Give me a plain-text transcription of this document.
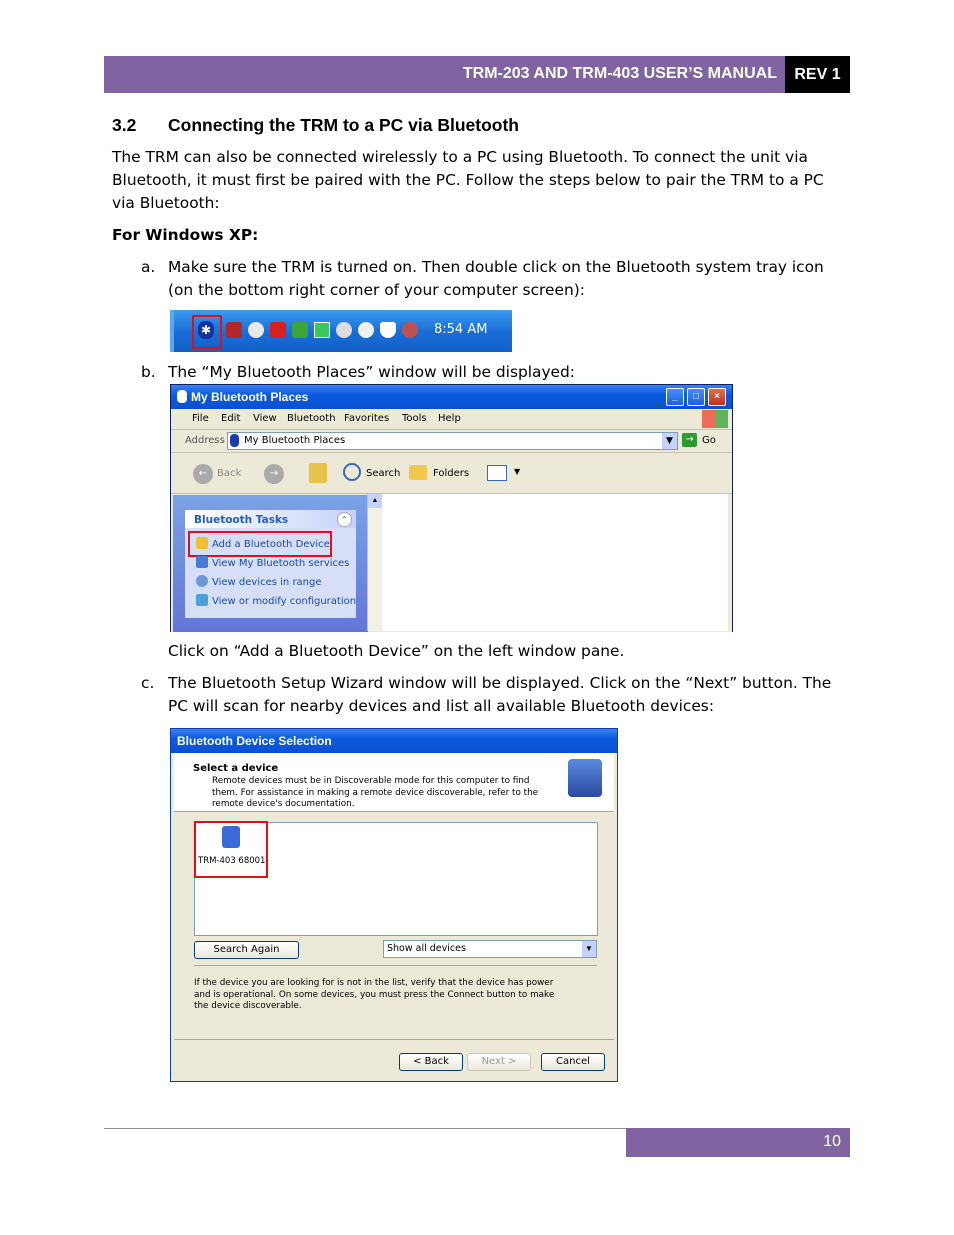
TRM-203 AND TRM-403 USER’S MANUAL	REV 1
3.2 Connecting the TRM to a PC via Bluetooth
The TRM can also be connected wirelessly to a PC using Bluetooth. To connect the unit via Bluetooth, it must first be paired with the PC. Follow the steps below to pair the TRM to a PC via Bluetooth:
For Windows XP:
a. Make sure the TRM is turned on. Then double click on the Bluetooth system tray icon (on the bottom right corner of your computer screen):
✱	8:54 AM
b. The “My Bluetooth Places” window will be displayed:
My Bluetooth Places	_	□	×
File Edit View Bluetooth Favorites Tools Help
Address My Bluetooth Places	▼	→ Go
← Back	→	Search	Folders	▼
Bluetooth Tasks	⌃
Add a Bluetooth Device
View My Bluetooth services
View devices in range
View or modify configuration
▲
Click on “Add a Bluetooth Device” on the left window pane.
c. The Bluetooth Setup Wizard window will be displayed. Click on the “Next” button. The PC will scan for nearby devices and list all available Bluetooth devices:
Bluetooth Device Selection
Select a device
Remote devices must be in Discoverable mode for this computer to find them. For assistance in making a remote device discoverable, refer to the remote device's documentation.
TRM-403 68001
Search Again	Show all devices	▼
If the device you are looking for is not in the list, verify that the device has power and is operational. On some devices, you must press the Connect button to make the device discoverable.
< Back	Next >	Cancel
10
